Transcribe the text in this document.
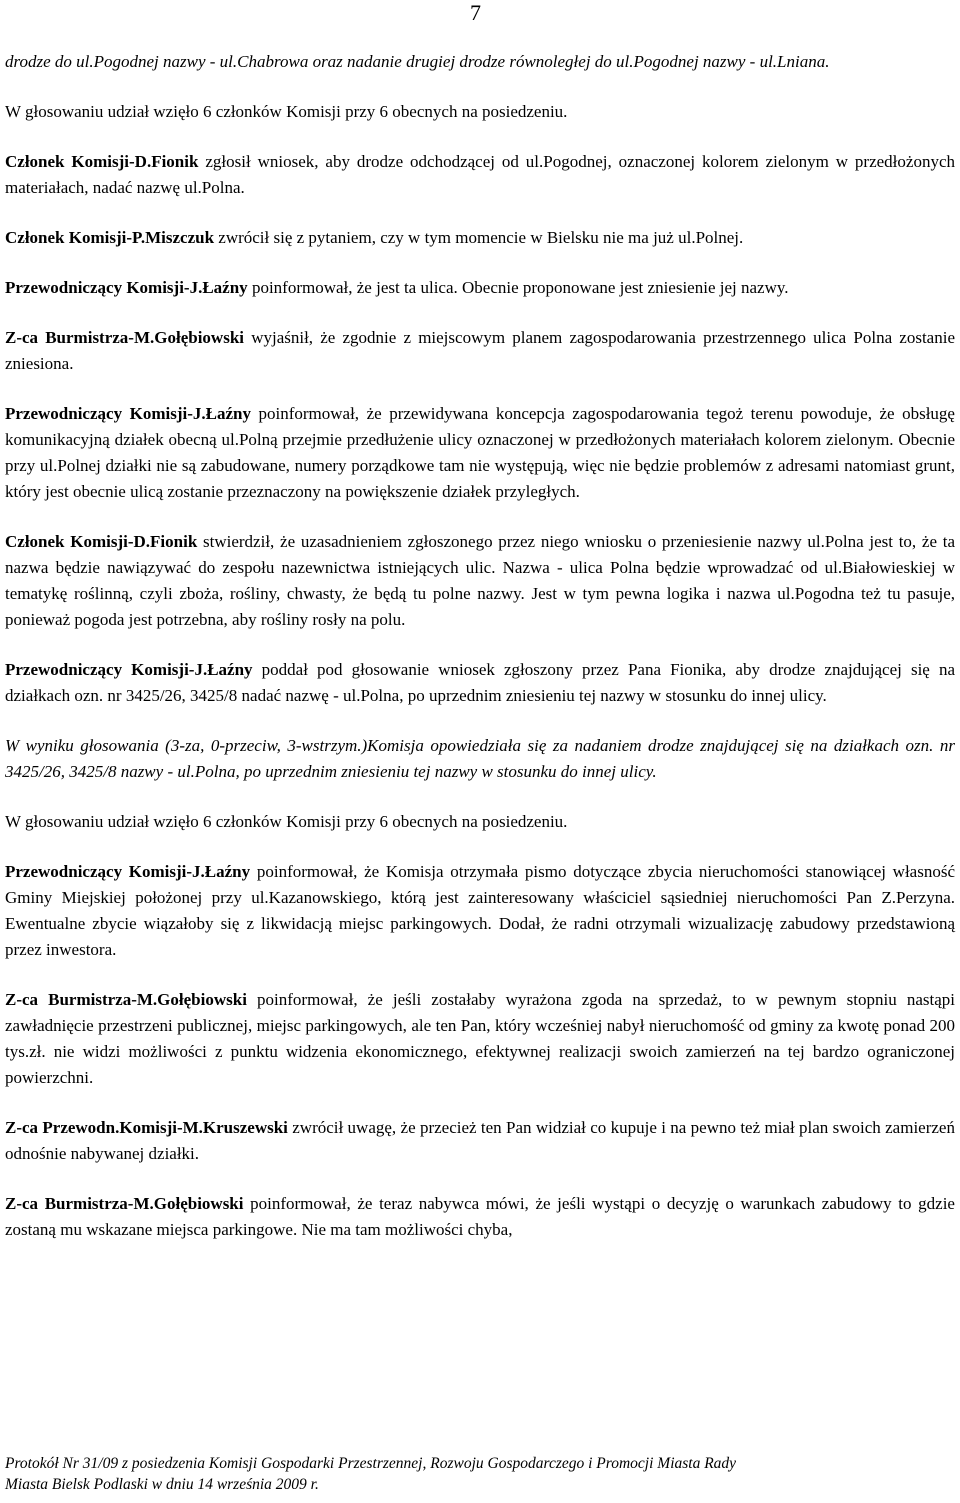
7

drodze do ul.Pogodnej nazwy - ul.Chabrowa oraz nadanie drugiej drodze równoległej do ul.Pogodnej nazwy - ul.Lniana.

W głosowaniu udział wzięło 6 członków Komisji przy 6 obecnych na posiedzeniu.

Członek Komisji-D.Fionik zgłosił wniosek, aby drodze odchodzącej od ul.Pogodnej, oznaczonej kolorem zielonym w przedłożonych materiałach, nadać nazwę ul.Polna.

Członek Komisji-P.Miszczuk zwrócił się z pytaniem, czy w tym momencie w Bielsku nie ma już ul.Polnej.

Przewodniczący Komisji-J.Łaźny poinformował, że jest ta ulica. Obecnie proponowane jest zniesienie jej nazwy.

Z-ca Burmistrza-M.Gołębiowski wyjaśnił, że zgodnie z miejscowym planem zagospodarowania przestrzennego ulica Polna zostanie zniesiona.

Przewodniczący Komisji-J.Łaźny poinformował, że przewidywana koncepcja zagospodarowania tegoż terenu powoduje, że obsługę komunikacyjną działek obecną ul.Polną przejmie przedłużenie ulicy oznaczonej w przedłożonych materiałach kolorem zielonym. Obecnie przy ul.Polnej działki nie są zabudowane, numery porządkowe tam nie występują, więc nie będzie problemów z adresami natomiast grunt, który jest obecnie ulicą zostanie przeznaczony na powiększenie działek przyległych.

Członek Komisji-D.Fionik stwierdził, że uzasadnieniem zgłoszonego przez niego wniosku o przeniesienie nazwy ul.Polna jest to, że ta nazwa będzie nawiązywać do zespołu nazewnictwa istniejących ulic. Nazwa - ulica Polna będzie wprowadzać od ul.Białowieskiej w tematykę roślinną, czyli zboża, rośliny, chwasty, że będą tu polne nazwy. Jest w tym pewna logika i nazwa ul.Pogodna też tu pasuje, ponieważ pogoda jest potrzebna, aby rośliny rosły na polu.

Przewodniczący Komisji-J.Łaźny poddał pod głosowanie wniosek zgłoszony przez Pana Fionika, aby drodze znajdującej się na działkach ozn. nr 3425/26, 3425/8 nadać nazwę - ul.Polna, po uprzednim zniesieniu tej nazwy w stosunku do innej ulicy.

W wyniku głosowania (3-za, 0-przeciw, 3-wstrzym.)Komisja opowiedziała się za nadaniem drodze znajdującej się na działkach ozn. nr 3425/26, 3425/8 nazwy - ul.Polna, po uprzednim zniesieniu tej nazwy w stosunku do innej ulicy.

W głosowaniu udział wzięło 6 członków Komisji przy 6 obecnych na posiedzeniu.

Przewodniczący Komisji-J.Łaźny poinformował, że Komisja otrzymała pismo dotyczące zbycia nieruchomości stanowiącej własność Gminy Miejskiej położonej przy ul.Kazanowskiego, którą jest zainteresowany właściciel sąsiedniej nieruchomości Pan Z.Perzyna. Ewentualne zbycie wiązałoby się z likwidacją miejsc parkingowych. Dodał, że radni otrzymali wizualizację zabudowy przedstawioną przez inwestora.

Z-ca Burmistrza-M.Gołębiowski poinformował, że jeśli zostałaby wyrażona zgoda na sprzedaż, to w pewnym stopniu nastąpi zawładnięcie przestrzeni publicznej, miejsc parkingowych, ale ten Pan, który wcześniej nabył nieruchomość od gminy za kwotę ponad 200 tys.zł. nie widzi możliwości z punktu widzenia ekonomicznego, efektywnej realizacji swoich zamierzeń na tej bardzo ograniczonej powierzchni.

Z-ca Przewodn.Komisji-M.Kruszewski zwrócił uwagę, że przecież ten Pan widział co kupuje i na pewno też miał plan swoich zamierzeń odnośnie nabywanej działki.

Z-ca Burmistrza-M.Gołębiowski poinformował, że teraz nabywca mówi, że jeśli wystąpi o decyzję o warunkach zabudowy to gdzie zostaną mu wskazane miejsca parkingowe. Nie ma tam możliwości chyba,

Protokół Nr 31/09 z posiedzenia Komisji Gospodarki Przestrzennej, Rozwoju Gospodarczego i Promocji Miasta Rady
Miasta Bielsk Podlaski w dniu 14 września 2009 r.
